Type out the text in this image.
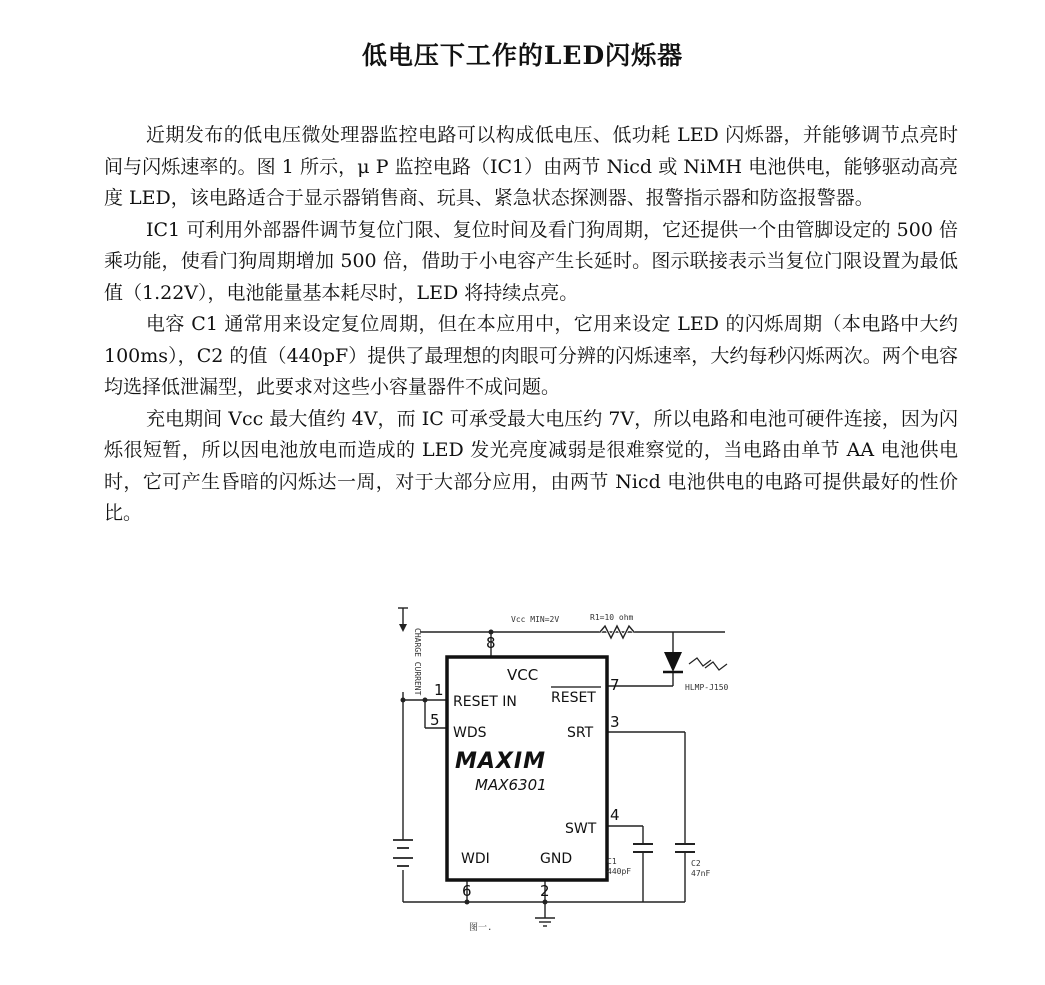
低电压下工作的LED闪烁器

近期发布的低电压微处理器监控电路可以构成低电压、低功耗 LED 闪烁器，并能够调节点亮时间与闪烁速率的。图 1 所示，μ P 监控电路（IC1）由两节 Nicd 或 NiMH 电池供电，能够驱动高亮度 LED，该电路适合于显示器销售商、玩具、紧急状态探测器、报警指示器和防盗报警器。

IC1 可利用外部器件调节复位门限、复位时间及看门狗周期，它还提供一个由管脚设定的 500 倍乘功能，使看门狗周期增加 500 倍，借助于小电容产生长延时。图示联接表示当复位门限设置为最低值（1.22V），电池能量基本耗尽时，LED 将持续点亮。

电容 C1 通常用来设定复位周期，但在本应用中，它用来设定 LED 的闪烁周期（本电路中大约 100ms），C2 的值（440pF）提供了最理想的肉眼可分辨的闪烁速率，大约每秒闪烁两次。两个电容均选择低泄漏型，此要求对这些小容量器件不成问题。

充电期间 Vcc 最大值约 4V，而 IC 可承受最大电压约 7V，所以电路和电池可硬件连接，因为闪烁很短暂，所以因电池放电而造成的 LED 发光亮度减弱是很难察觉的，当电路由单节 AA 电池供电时，它可产生昏暗的闪烁达一周，对于大部分应用，由两节 Nicd 电池供电的电路可提供最好的性价比。

8
1
5
7
3
4
6	2
VCC
RESET IN RESET
WDS	SRT
MAXIM
MAX6301
SWT
WDI	GND
Vcc MIN=2V	R1=10 ohm
HLMP-J150
CHARGE CURRENT
C1
440pF
C2
47nF
图一.
